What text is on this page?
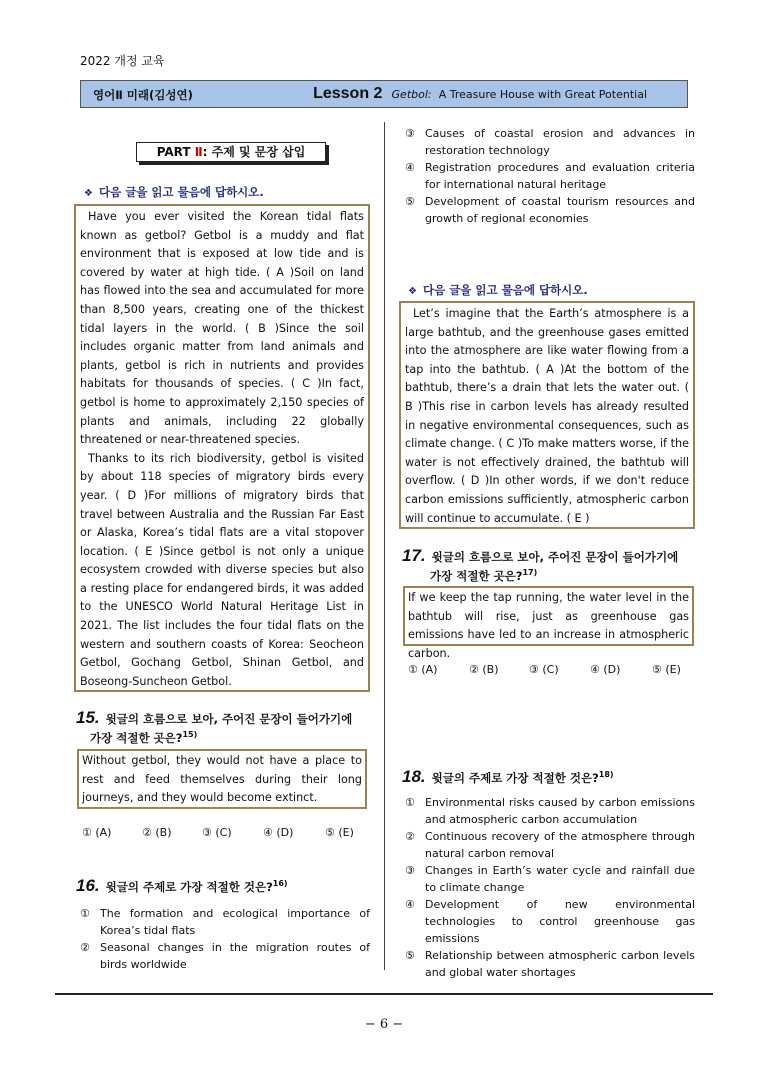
2022 개정 교육
영어Ⅱ 미래(김성연)	Lesson 2 Getbol: A Treasure House with Great Potential
PART Ⅱ: 주제 및 문장 삽입
❖ 다음 글을 읽고 물음에 답하시오.

Have you ever visited the Korean tidal flats known as getbol? Getbol is a muddy and flat environment that is exposed at low tide and is covered by water at high tide. ( A )Soil on land has flowed into the sea and accumulated for more than 8,500 years, creating one of the thickest tidal layers in the world. ( B )Since the soil includes organic matter from land animals and plants, getbol is rich in nutrients and provides habitats for thousands of species. ( C )In fact, getbol is home to approximately 2,150 species of plants and animals, including 22 globally threatened or near-threatened species.

Thanks to its rich biodiversity, getbol is visited by about 118 species of migratory birds every year. ( D )For millions of migratory birds that travel between Australia and the Russian Far East or Alaska, Korea’s tidal flats are a vital stopover location. ( E )Since getbol is not only a unique ecosystem crowded with diverse species but also a resting place for endangered birds, it was added to the UNESCO World Natural Heritage List in 2021. The list includes the four tidal flats on the western and southern coasts of Korea: Seocheon Getbol, Gochang Getbol, Shinan Getbol, and Boseong-Suncheon Getbol.

15. 윗글의 흐름으로 보아, 주어진 문장이 들어가기에
가장 적절한 곳은?$^{15)}$
Without getbol, they would not have a place to rest and feed themselves during their long journeys, and they would become extinct.
① (A)	② (B)	③ (C)	④ (D)	⑤ (E)
16. 윗글의 주제로 가장 적절한 것은?$^{16)}$
① The formation and ecological importance of Korea’s tidal flats
② Seasonal changes in the migration routes of birds worldwide
③ Causes of coastal erosion and advances in restoration technology
④ Registration procedures and evaluation criteria for international natural heritage
⑤ Development of coastal tourism resources and growth of regional economies
❖ 다음 글을 읽고 물음에 답하시오.

Let’s imagine that the Earth’s atmosphere is a large bathtub, and the greenhouse gases emitted into the atmosphere are like water flowing from a tap into the bathtub. ( A )At the bottom of the bathtub, there’s a drain that lets the water out. ( B )This rise in carbon levels has already resulted in negative environmental consequences, such as climate change. ( C )To make matters worse, if the water is not effectively drained, the bathtub will overflow. ( D )In other words, if we don't reduce carbon emissions sufficiently, atmospheric carbon will continue to accumulate. ( E )

17. 윗글의 흐름으로 보아, 주어진 문장이 들어가기에
가장 적절한 곳은?$^{17)}$
If we keep the tap running, the water level in the bathtub will rise, just as greenhouse gas emissions have led to an increase in atmospheric carbon.
① (A)	② (B)	③ (C)	④ (D)	⑤ (E)
18. 윗글의 주제로 가장 적절한 것은?$^{18)}$
① Environmental risks caused by carbon emissions and atmospheric carbon accumulation
② Continuous recovery of the atmosphere through natural carbon removal
③ Changes in Earth’s water cycle and rainfall due to climate change
④ Development of new environmental technologies to control greenhouse gas emissions
⑤ Relationship between atmospheric carbon levels and global water shortages
− 6 −
